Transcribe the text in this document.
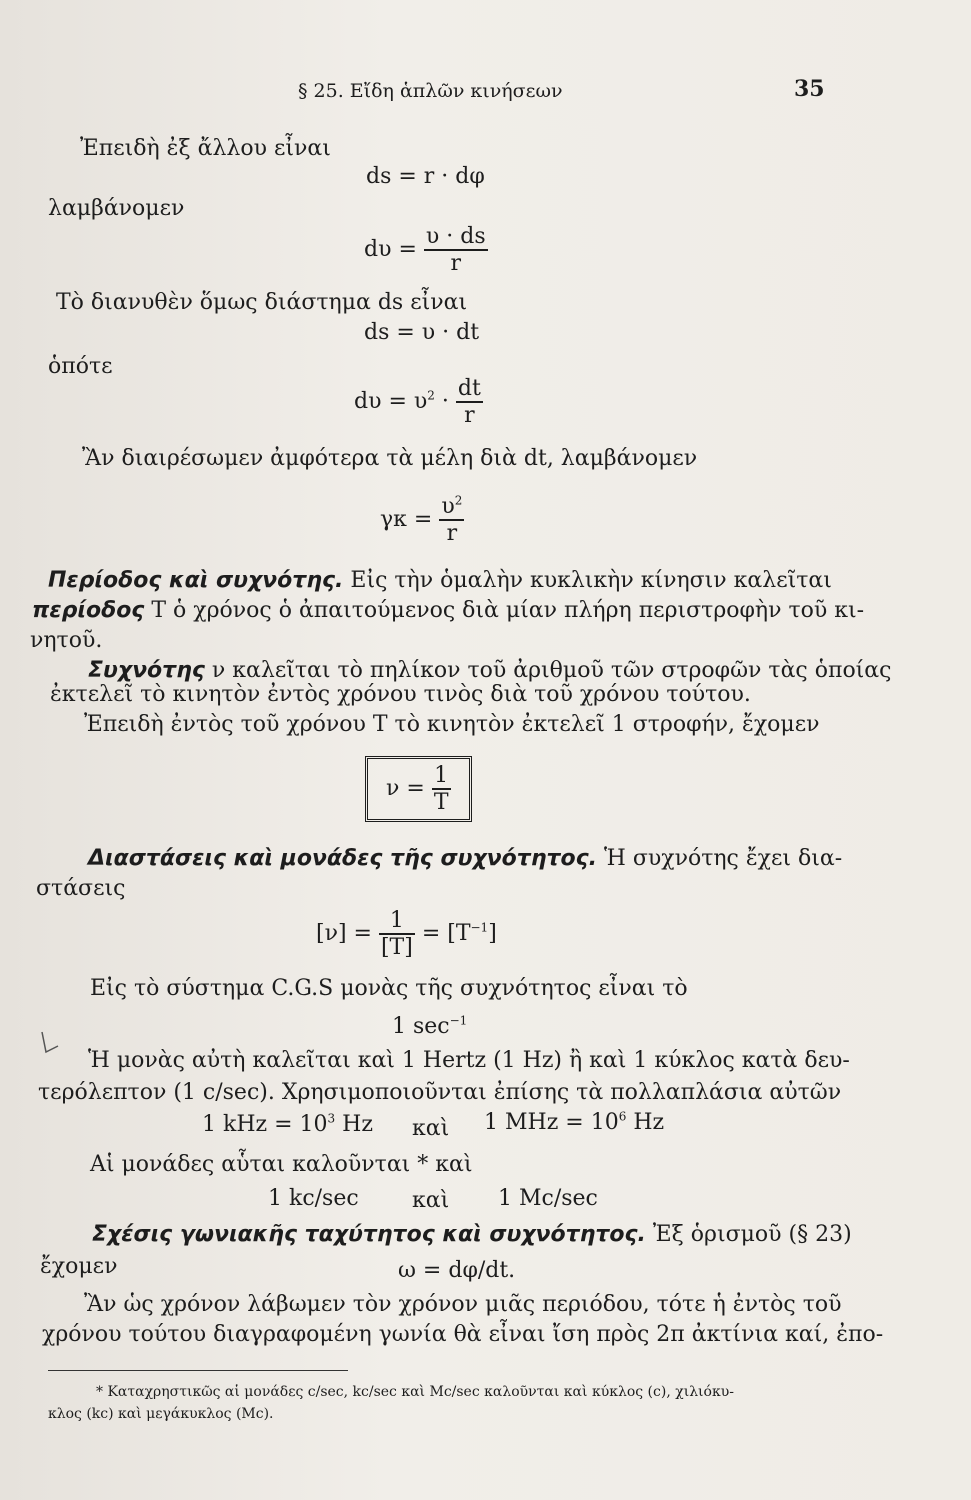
§ 25. Εἴδη ἁπλῶν κινήσεων	35
Ἐπειδὴ ἐξ ἄλλου εἶναι
ds = r · dφ
λαμβάνομεν
$d\upsilon = \frac{\upsilon \cdot ds}{r}$
Τὸ διανυθὲν ὅμως διάστημα ds εἶναι
ds = υ · dt
ὁπότε
$d\upsilon = \upsilon^2 \cdot \frac{dt}{r}$
Ἂν διαιρέσωμεν ἀμφότερα τὰ μέλη διὰ dt, λαμβάνομεν
$\gamma\kappa = \frac{\upsilon^2}{r}$
Περίοδος καὶ συχνότης. Εἰς τὴν ὁμαλὴν κυκλικὴν κίνησιν καλεῖται
περίοδος T ὁ χρόνος ὁ ἀπαιτούμενος διὰ μίαν πλήρη περιστροφὴν τοῦ κι-
νητοῦ.
Συχνότης ν καλεῖται τὸ πηλίκον τοῦ ἀριθμοῦ τῶν στροφῶν τὰς ὁποίας
ἐκτελεῖ τὸ κινητὸν ἐντὸς χρόνου τινὸς διὰ τοῦ χρόνου τούτου.
Ἐπειδὴ ἐντὸς τοῦ χρόνου T τὸ κινητὸν ἐκτελεῖ 1 στροφήν, ἔχομεν
$\nu = \frac{1}{T}$
Διαστάσεις καὶ μονάδες τῆς συχνότητος. Ἡ συχνότης ἔχει δια-
στάσεις
$[\nu] = \frac{1}{[T]} = [T^{-1}]$
Εἰς τὸ σύστημα C.G.S μονὰς τῆς συχνότητος εἶναι τὸ
1 $\sec^{-1}$
Ἡ μονὰς αὐτὴ καλεῖται καὶ 1 Hertz (1 Hz) ἢ καὶ 1 κύκλος κατὰ δευ-
τερόλεπτον (1 c/sec). Χρησιμοποιοῦνται ἐπίσης τὰ πολλαπλάσια αὐτῶν
1 kHz = $10^3$ Hz καὶ 1 MHz = $10^6$ Hz
Αἱ μονάδες αὗται καλοῦνται * καὶ
1 kc/sec καὶ 1 Mc/sec
Σχέσις γωνιακῆς ταχύτητος καὶ συχνότητος. Ἐξ ὁρισμοῦ (§ 23)
ἔχομεν	ω = dφ/dt.
Ἂν ὡς χρόνον λάβωμεν τὸν χρόνον μιᾶς περιόδου, τότε ἡ ἐντὸς τοῦ
χρόνου τούτου διαγραφομένη γωνία θὰ εἶναι ἴση πρὸς 2π ἀκτίνια καί, ἐπο-
* Καταχρηστικῶς αἱ μονάδες c/sec, kc/sec καὶ Mc/sec καλοῦνται καὶ κύκλος (c), χιλιόκυ-
κλος (kc) καὶ μεγάκυκλος (Mc).
